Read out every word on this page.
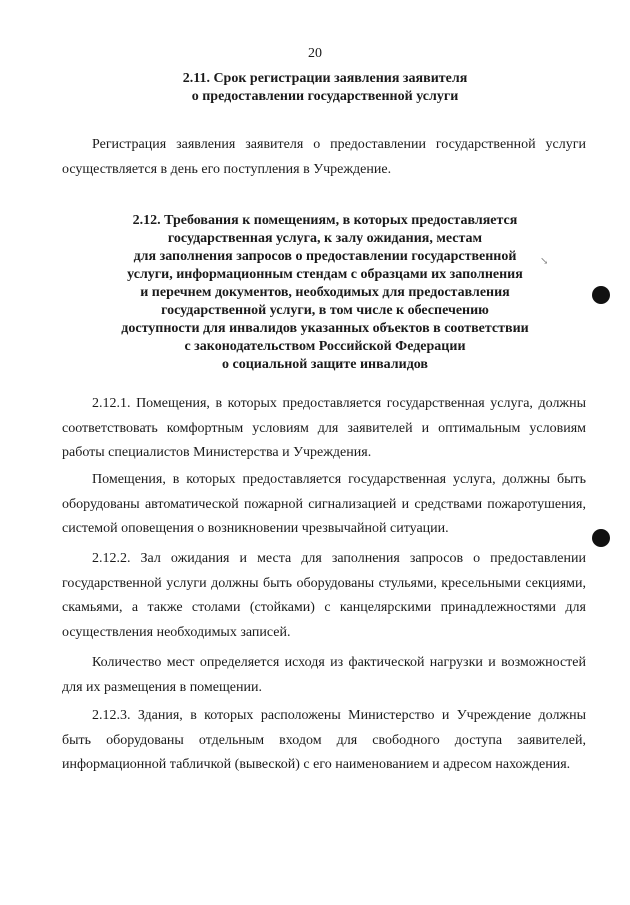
20
2.11. Срок регистрации заявления заявителя
о предоставлении государственной услуги
Регистрация заявления заявителя о предоставлении государственной услуги осуществляется в день его поступления в Учреждение.
2.12. Требования к помещениям, в которых предоставляется
государственная услуга, к залу ожидания, местам
для заполнения запросов о предоставлении государственной
услуги, информационным стендам с образцами их заполнения
и перечнем документов, необходимых для предоставления
государственной услуги, в том числе к обеспечению
доступности для инвалидов указанных объектов в соответствии
с законодательством Российской Федерации
о социальной защите инвалидов
2.12.1. Помещения, в которых предоставляется государственная услуга, должны соответствовать комфортным условиям для заявителей и оптимальным условиям работы специалистов Министерства и Учреждения.
Помещения, в которых предоставляется государственная услуга, должны быть оборудованы автоматической пожарной сигнализацией и средствами пожаротушения, системой оповещения о возникновении чрезвычайной ситуации.
2.12.2. Зал ожидания и места для заполнения запросов о предоставлении государственной услуги должны быть оборудованы стульями, кресельными секциями, скамьями, а также столами (стойками) с канцелярскими принадлежностями для осуществления необходимых записей.
Количество мест определяется исходя из фактической нагрузки и возможностей для их размещения в помещении.
2.12.3. Здания, в которых расположены Министерство и Учреждение должны быть оборудованы отдельным входом для свободного доступа заявителей, информационной табличкой (вывеской) с его наименованием и адресом нахождения.
↘
